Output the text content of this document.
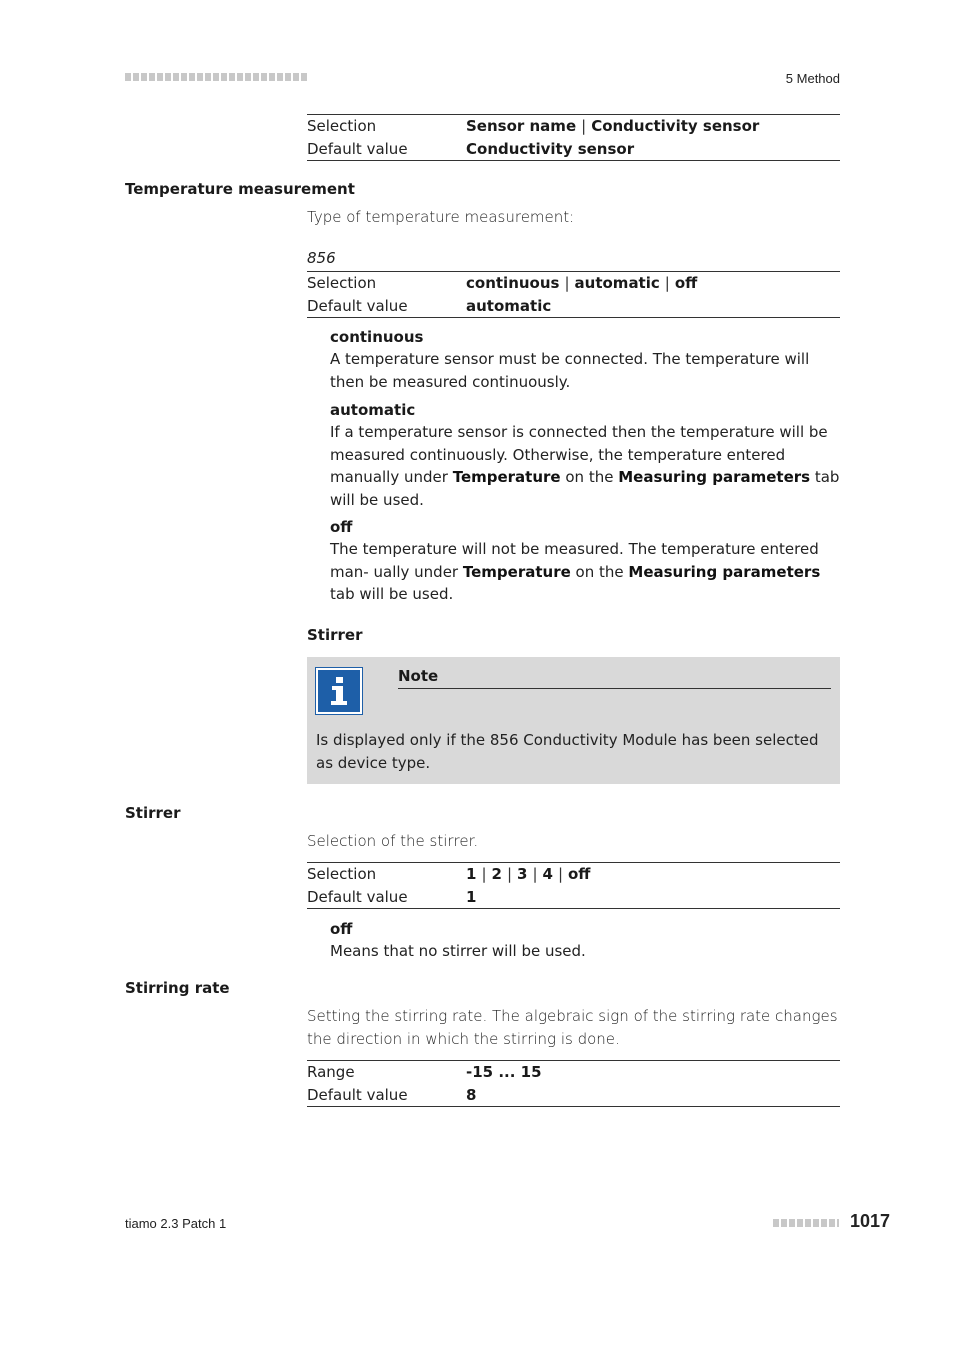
5 Method
Selection	Sensor name | Conductivity sensor
Default value	Conductivity sensor
Temperature measurement
Type of temperature measurement:
856
Selection	continuous | automatic | off
Default value	automatic
continuous
A temperature sensor must be connected. The temperature will then be measured continuously.
automatic
If a temperature sensor is connected then the temperature will be measured continuously. Otherwise, the temperature entered manually under Temperature on the Measuring parameters tab will be used.
off
The temperature will not be measured. The temperature entered man- ually under Temperature on the Measuring parameters tab will be used.
Stirrer
Note
Is displayed only if the 856 Conductivity Module has been selected as device type.
Stirrer
Selection of the stirrer.
Selection	1 | 2 | 3 | 4 | off
Default value	1
off
Means that no stirrer will be used.
Stirring rate
Setting the stirring rate. The algebraic sign of the stirring rate changes the direction in which the stirring is done.
Range	-15 ... 15
Default value	8
tiamo 2.3 Patch 1	1017
